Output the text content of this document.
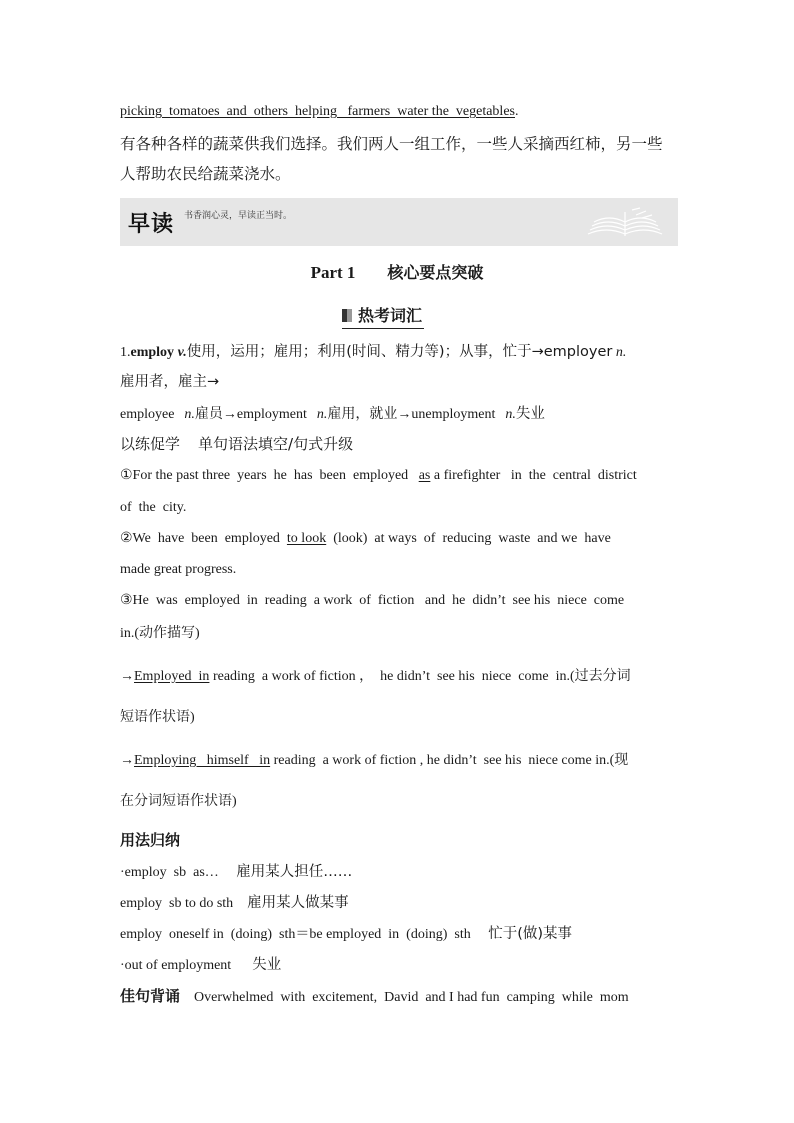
picking  tomatoes  and  others  helping   farmers  water the  vegetables.
有各种各样的蔬菜供我们选择。我们两人一组工作，一些人采摘西红柿，另一些
人帮助农民给蔬菜浇水。
早读 书香润心灵，早读正当时。
Part 1 核心要点突破
热考词汇
1.employ v.使用，运用；雇用；利用(时间、精力等)；从事，忙于→employer n.
雇用者，雇主→
employee n.雇员→employment n.雇用，就业→unemployment n.失业
以练促学 单句语法填空/句式升级
①For the past three  years  he  has  been  employed as a firefighter   in  the  central  district
of  the  city.
②We  have  been  employed to look (look)  at ways  of  reducing  waste  and we  have
made great progress.
③He  was  employed  in  reading  a work  of  fiction   and  he  didn’t  see his  niece  come
in.(动作描写)
→Employed  in reading  a work of fiction ，  he didn’t  see his  niece  come  in.(过去分词
短语作状语)
→Employing   himself   in reading  a work of fiction , he didn’t  see his  niece come in.(现
在分词短语作状语)
用法归纳
·employ  sb  as… 雇用某人担任……
employ  sb to do sth 雇用某人做某事
employ  oneself in  (doing)  sth＝be employed  in  (doing)  sth 忙于(做)某事
·out of employment 失业
佳句背诵 Overwhelmed  with  excitement,  David  and I had fun  camping  while  mom
